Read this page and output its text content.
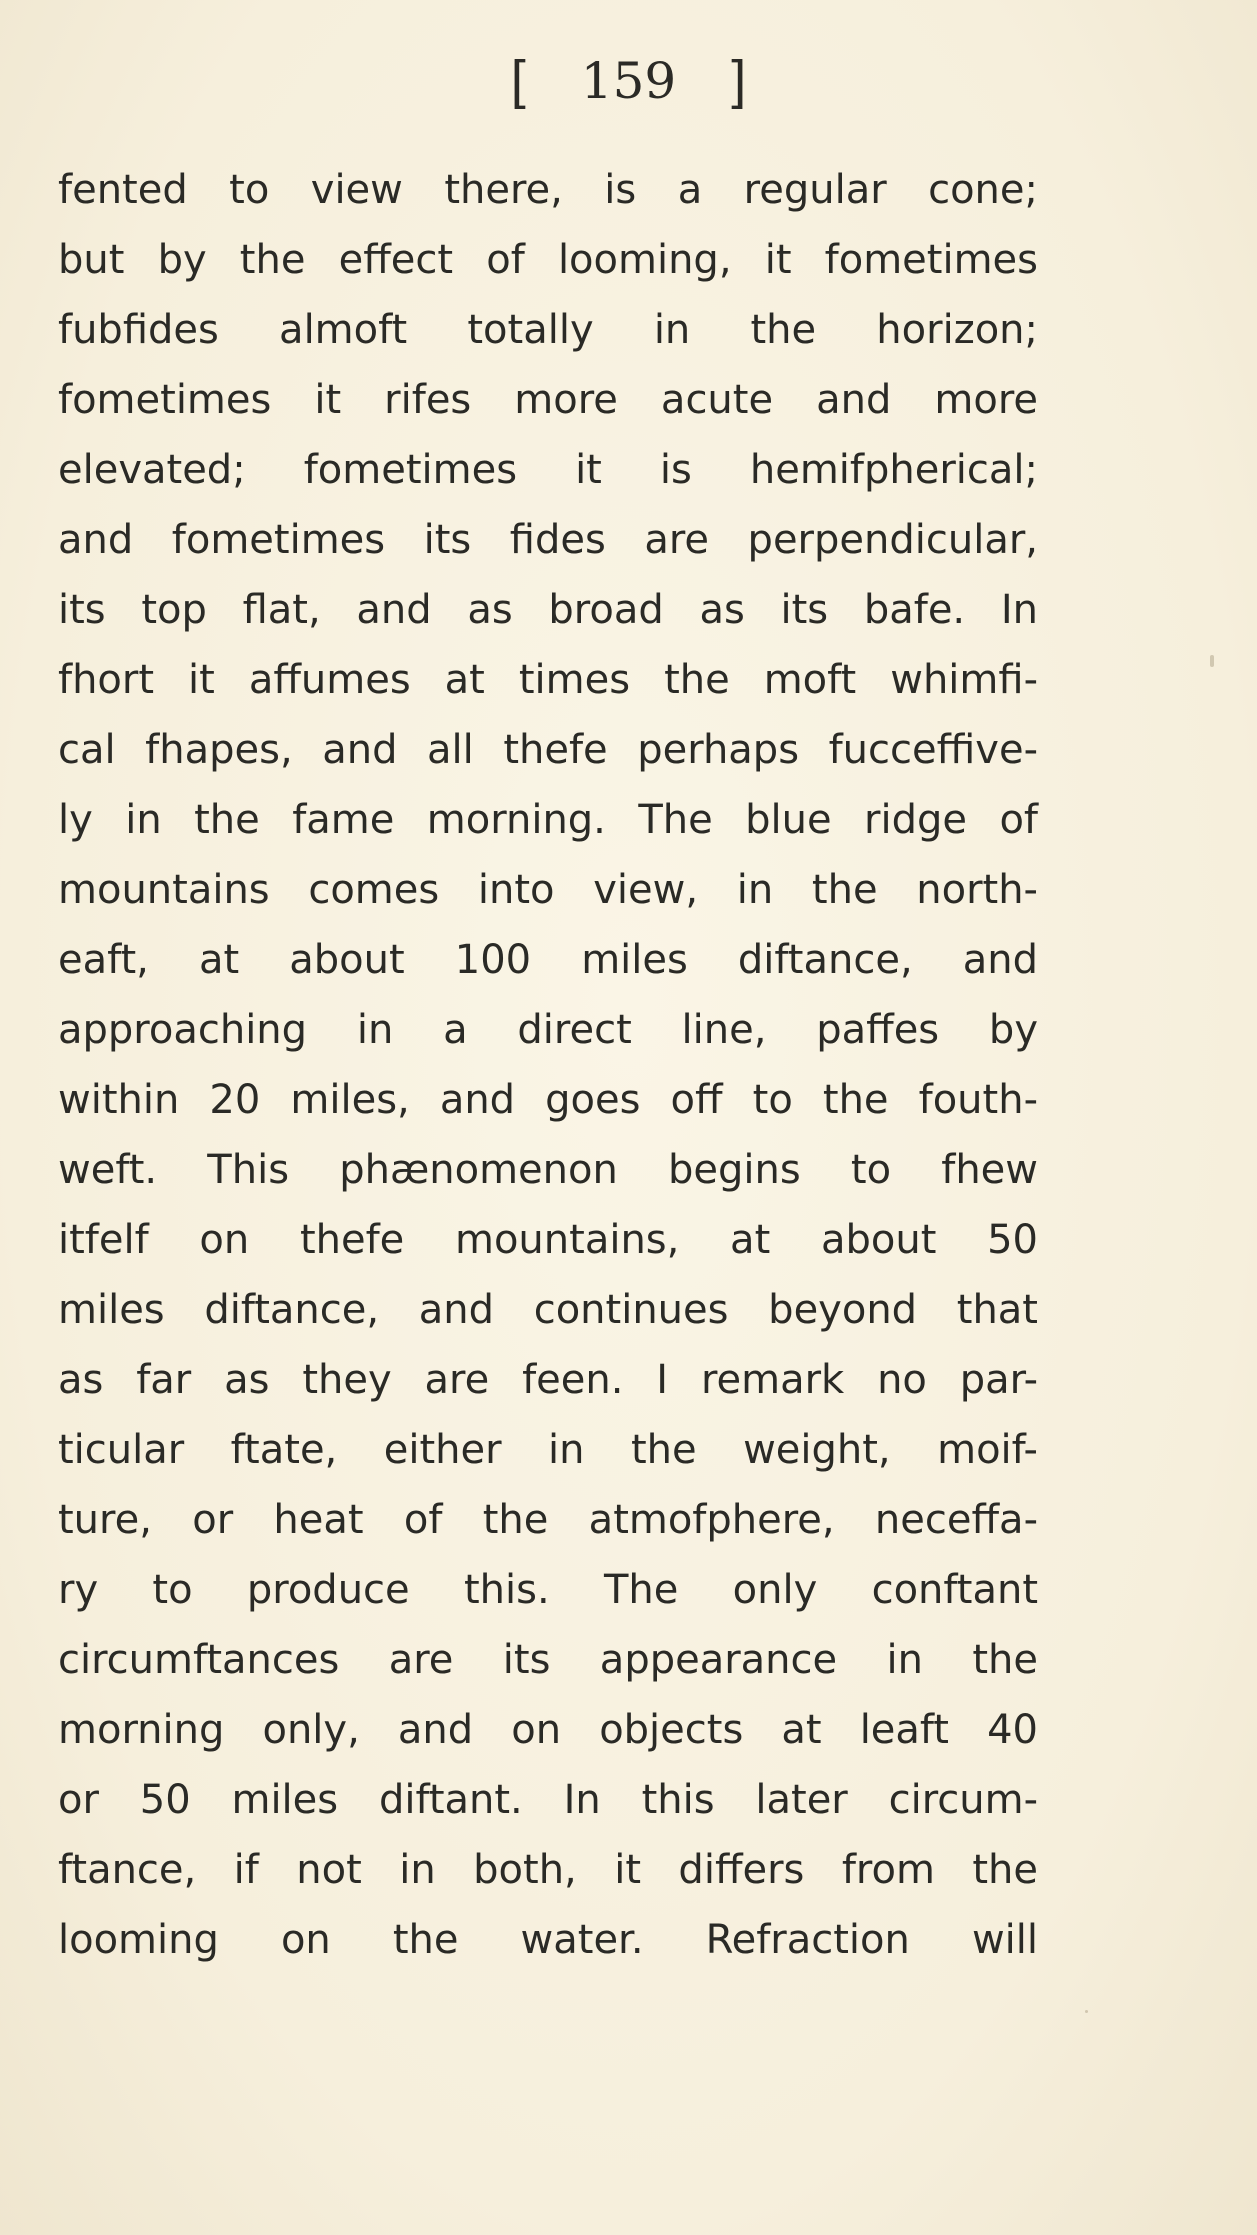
[ 159 ]
fented to view there, is a regular cone;
but by the effect of looming, it fometimes
fubfides almoft totally in the horizon;
fometimes it rifes more acute and more
elevated; fometimes it is hemifpherical;
and fometimes its fides are perpendicular,
its top flat, and as broad as its bafe. In
fhort it affumes at times the moft whimfi-
cal fhapes, and all thefe perhaps fucceffive-
ly in the fame morning. The blue ridge of
mountains comes into view, in the north-
eaft, at about 100 miles diftance, and
approaching in a direct line, paffes by
within 20 miles, and goes off to the fouth-
weft. This phænomenon begins to fhew
itfelf on thefe mountains, at about 50
miles diftance, and continues beyond that
as far as they are feen. I remark no par-
ticular ftate, either in the weight, moif-
ture, or heat of the atmofphere, neceffa-
ry to produce this. The only conftant
circumftances are its appearance in the
morning only, and on objects at leaft 40
or 50 miles diftant. In this later circum-
ftance, if not in both, it differs from the
looming on the water. Refraction will
